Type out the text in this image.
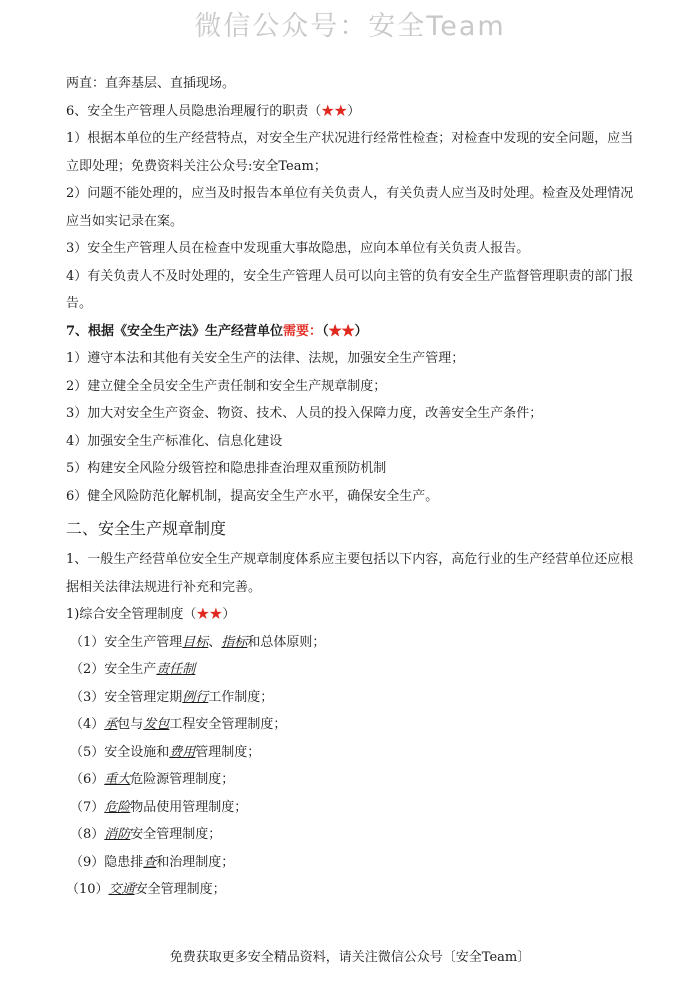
微信公众号：安全Team

两直：直奔基层、直插现场。

6、安全生产管理人员隐患治理履行的职责（★★）

1）根据本单位的生产经营特点，对安全生产状况进行经常性检查；对检查中发现的安全问题，应当立即处理；免费资料关注公众号:安全Team；

2）问题不能处理的，应当及时报告本单位有关负责人，有关负责人应当及时处理。检查及处理情况应当如实记录在案。

3）安全生产管理人员在检查中发现重大事故隐患，应向本单位有关负责人报告。

4）有关负责人不及时处理的，安全生产管理人员可以向主管的负有安全生产监督管理职责的部门报告。

7、根据《安全生产法》生产经营单位需要：（★★）

1）遵守本法和其他有关安全生产的法律、法规，加强安全生产管理；

2）建立健全全员安全生产责任制和安全生产规章制度；

3）加大对安全生产资金、物资、技术、人员的投入保障力度，改善安全生产条件；

4）加强安全生产标准化、信息化建设

5）构建安全风险分级管控和隐患排查治理双重预防机制

6）健全风险防范化解机制，提高安全生产水平，确保安全生产。

二、安全生产规章制度

1、一般生产经营单位安全生产规章制度体系应主要包括以下内容，高危行业的生产经营单位还应根据相关法律法规进行补充和完善。

1)综合安全管理制度（★★）

（1）安全生产管理目标、指标和总体原则；

（2）安全生产责任制

（3）安全管理定期例行工作制度；

（4）承包与发包工程安全管理制度；

（5）安全设施和费用管理制度；

（6）重大危险源管理制度；

（7）危险物品使用管理制度；

（8）消防安全管理制度；

（9）隐患排查和治理制度；

（10）交通安全管理制度；

免费获取更多安全精品资料，请关注微信公众号〔安全Team〕
